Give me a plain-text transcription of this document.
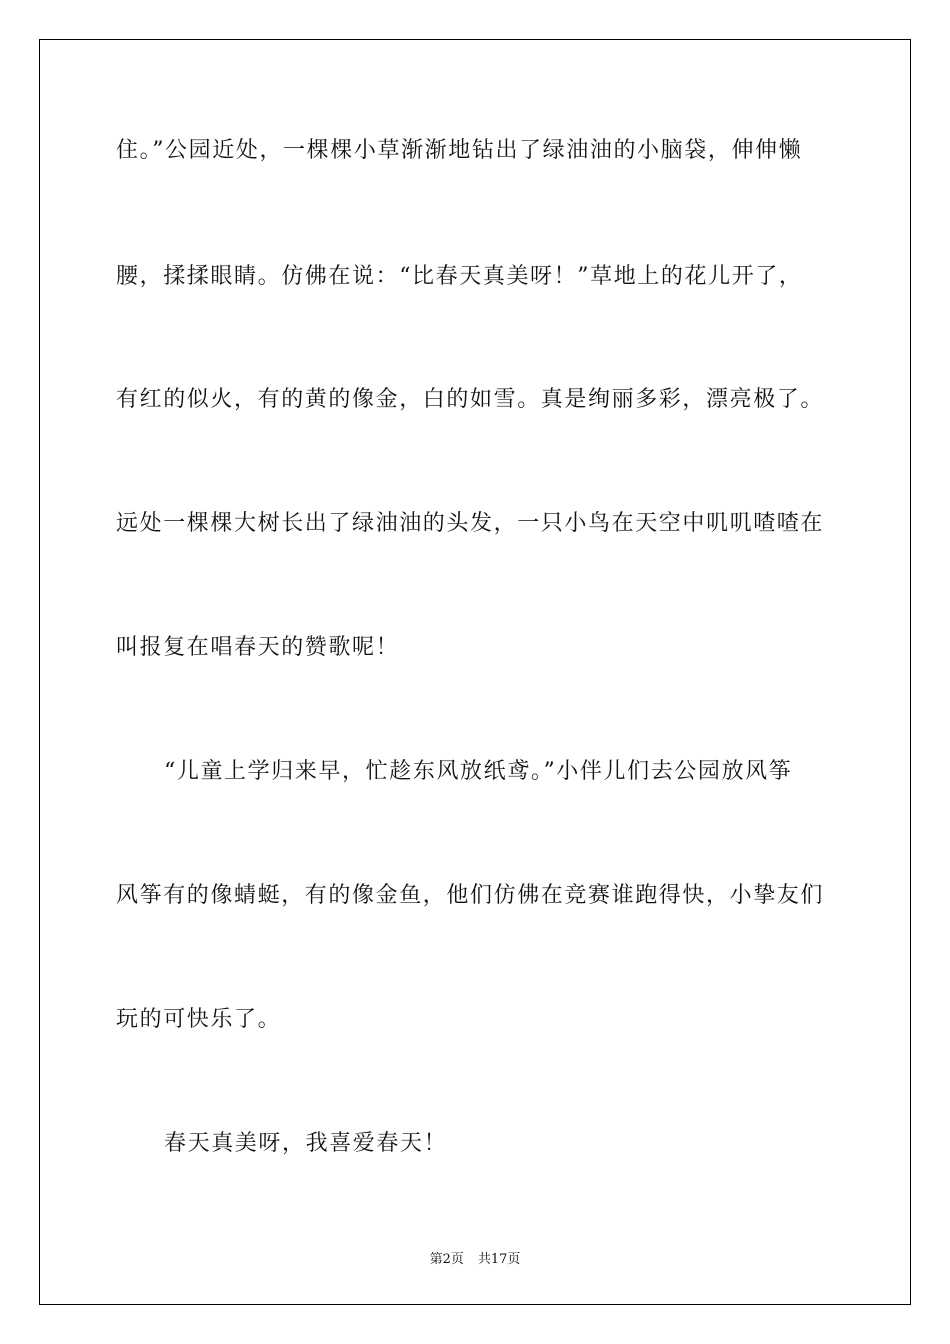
住。”公园近处，一棵棵小草渐渐地钻出了绿油油的小脑袋，伸伸懒
腰，揉揉眼睛。仿佛在说：“比春天真美呀！”草地上的花儿开了，
有红的似火，有的黄的像金，白的如雪。真是绚丽多彩，漂亮极了。
远处一棵棵大树长出了绿油油的头发，一只小鸟在天空中叽叽喳喳在
叫报复在唱春天的赞歌呢！
“儿童上学归来早，忙趁东风放纸鸢。”小伴儿们去公园放风筝
风筝有的像蜻蜓，有的像金鱼，他们仿佛在竞赛谁跑得快，小挚友们
玩的可快乐了。
春天真美呀，我喜爱春天！
第2页 共17页
